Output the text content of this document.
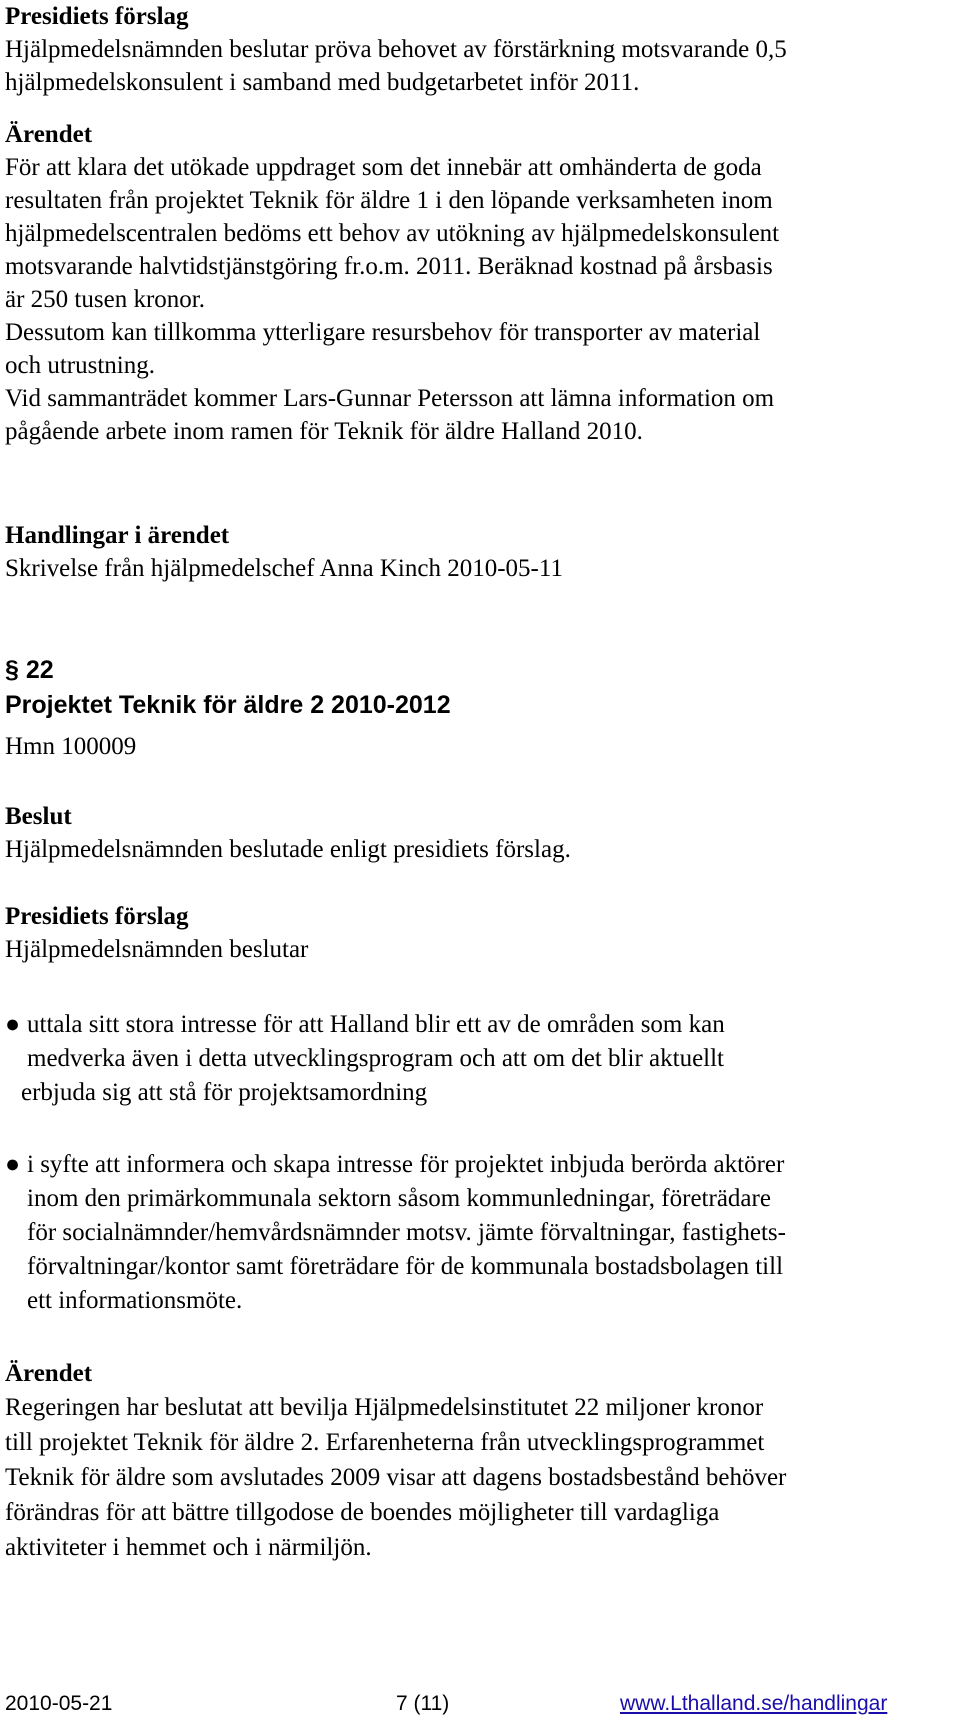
Presidiets förslag
Hjälpmedelsnämnden beslutar pröva behovet av förstärkning motsvarande 0,5
hjälpmedelskonsulent i samband med budgetarbetet inför 2011.
Ärendet
För att klara det utökade uppdraget som det innebär att omhänderta de goda
resultaten från projektet Teknik för äldre 1 i den löpande verksamheten inom
hjälpmedelscentralen bedöms ett behov av utökning av hjälpmedelskonsulent
motsvarande halvtidstjänstgöring fr.o.m. 2011. Beräknad kostnad på årsbasis
är 250 tusen kronor.
Dessutom kan tillkomma ytterligare resursbehov för transporter av material
och utrustning.
Vid sammanträdet kommer Lars-Gunnar Petersson att lämna information om
pågående arbete inom ramen för Teknik för äldre Halland 2010.
Handlingar i ärendet
Skrivelse från hjälpmedelschef Anna Kinch 2010-05-11
§ 22
Projektet Teknik för äldre 2 2010-2012
Hmn 100009
Beslut
Hjälpmedelsnämnden beslutade enligt presidiets förslag.
Presidiets förslag
Hjälpmedelsnämnden beslutar
● uttala sitt stora intresse för att Halland blir ett av de områden som kan
medverka även i detta utvecklingsprogram och att om det blir aktuellt
erbjuda sig att stå för projektsamordning
● i syfte att informera och skapa intresse för projektet inbjuda berörda aktörer
inom den primärkommunala sektorn såsom kommunledningar, företrädare
för socialnämnder/hemvårdsnämnder motsv. jämte förvaltningar, fastighets-
förvaltningar/kontor samt företrädare för de kommunala bostadsbolagen till
ett informationsmöte.
Ärendet
Regeringen har beslutat att bevilja Hjälpmedelsinstitutet 22 miljoner kronor
till projektet Teknik för äldre 2. Erfarenheterna från utvecklingsprogrammet
Teknik för äldre som avslutades 2009 visar att dagens bostadsbestånd behöver
förändras för att bättre tillgodose de boendes möjligheter till vardagliga
aktiviteter i hemmet och i närmiljön.
2010-05-21	7 (11)	www.Lthalland.se/handlingar
